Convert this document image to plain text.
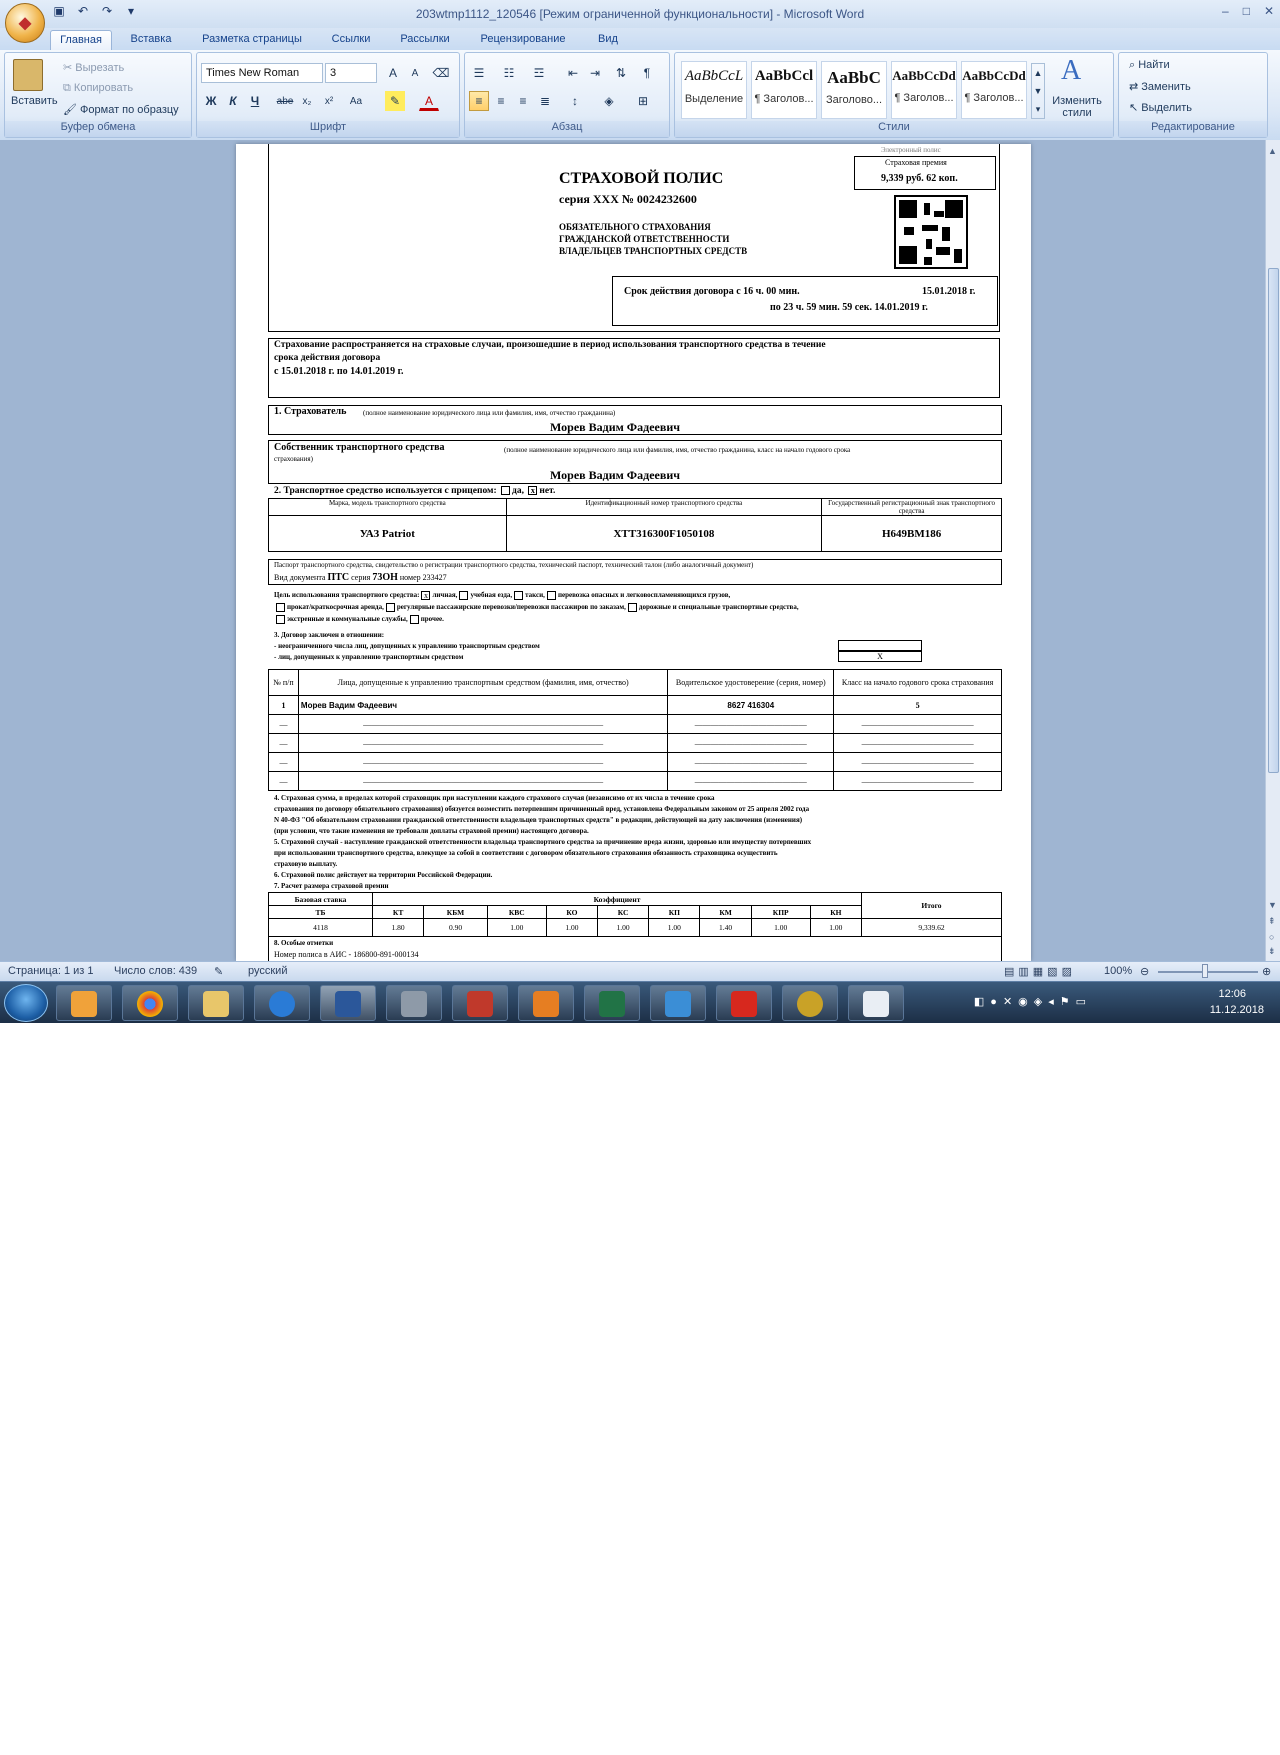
◆
▣	↶	↷	▾	203wtmp1112_120546 [Режим ограниченной функциональности] - Microsoft Word	– □ ✕
Главная	Вставка	Разметка страницы	Ссылки	Рассылки	Рецензирование	Вид
Вставить
✂ Вырезать
⧉ Копировать
🖌 Формат по образцу
Буфер обмена
Times New Roman	3	A	A	⌫
Ж	К	Ч	abe x₂	x²	Aa	✎	A
Шрифт
☰	☷	☲	⇤ ⇥	⇅	¶
≡	≡	≡	≣	↕	◈	⊞
Абзац
AaBbCcL
Выделение
AaBbCcl
¶ Заголов...
AaBbC
Заголово...
AaBbCcDd
¶ Заголов...
AaBbCcDd
¶ Заголов...
▲
▼
▾
A
Изменить стили
Стили
⌕ Найти
⇄ Заменить
↖ Выделить
Редактирование
Электронный полис
Страховая премия
9,339 руб. 62 коп.
СТРАХОВОЙ ПОЛИС
серия ХХХ № 0024232600
ОБЯЗАТЕЛЬНОГО СТРАХОВАНИЯ
ГРАЖДАНСКОЙ ОТВЕТСТВЕННОСТИ
ВЛАДЕЛЬЦЕВ ТРАНСПОРТНЫХ СРЕДСТВ
Срок действия договора с 16 ч. 00 мин.	15.01.2018 г.
по 23 ч. 59 мин. 59 сек. 14.01.2019 г.
Страхование распространяется на страховые случаи, произошедшие в период использования транспортного средства в течение
срока действия договора
с 15.01.2018 г. по 14.01.2019 г.
1. Страхователь (полное наименование юридического лица или фамилия, имя, отчество гражданина)
Морев Вадим Фадеевич
Собственник транспортного средства	(полное наименование юридического лица или фамилия, имя, отчество гражданина, класс на начало годового срока
страхования)
Морев Вадим Фадеевич
2. Транспортное средство используется с прицепом: да, x нет.
Марка, модель транспортного средства	Идентификационный номер транспортного средства	Государственный регистрационный знак транспортного средства
УАЗ Patriot	ХТТ316300F1050108	Н649ВМ186
Паспорт транспортного средства, свидетельство о регистрации транспортного средства, технический паспорт, технический талон (либо аналогичный документ)
Вид документа ПТС серия 73ОН номер 233427
Цель использования транспортного средства: x личная, учебная езда, такси, перевозка опасных и легковоспламеняющихся грузов,
прокат/краткосрочная аренда, регулярные пассажирские перевозки/перевозки пассажиров по заказам, дорожные и специальные транспортные средства,
экстренные и коммунальные службы, прочее.
3. Договор заключен в отношении:
- неограниченного числа лиц, допущенных к управлению транспортным средством
- лиц, допущенных к управлению транспортным средством	Х
№ п/п	Лица, допущенные к управлению транспортным средством (фамилия, имя, отчество)	Водительское удостоверение (серия, номер)	Класс на начало годового срока страхования
1	Морев Вадим Фадеевич	8627 416304	5
—	——————————————————————————————	——————————————	——————————————
—	——————————————————————————————	——————————————	——————————————
—	——————————————————————————————	——————————————	——————————————
—	——————————————————————————————	——————————————	——————————————
4. Страховая сумма, в пределах которой страховщик при наступлении каждого страхового случая (независимо от их числа в течение срока
страхования по договору обязательного страхования) обязуется возместить потерпевшим причиненный вред, установлена Федеральным законом от 25 апреля 2002 года
N 40-ФЗ "Об обязательном страховании гражданской ответственности владельцев транспортных средств" в редакции, действующей на дату заключения (изменения)
(при условии, что такие изменения не требовали доплаты страховой премии) настоящего договора.
5. Страховой случай - наступление гражданской ответственности владельца транспортного средства за причинение вреда жизни, здоровью или имуществу потерпевших
при использовании транспортного средства, влекущее за собой в соответствии с договором обязательного страхования обязанность страховщика осуществить
страховую выплату.
6. Страховой полис действует на территории Российской Федерации.
7. Расчет размера страховой премии
Базовая ставка	Коэффициент									Итого
ТБ	КТ	КБМ	КВС	КО	КС	КП	КМ	КПР	КН	
4118	1.80	0.90	1.00	1.00	1.00	1.00	1.40	1.00	1.00	9,339.62
8. Особые отметки
Номер полиса в АИС - 186800-891-000134
▲
▼
⇞
○
⇟
Страница: 1 из 1 Число слов: 439 ✎ русский	▤▥▦▧▨	100% ⊖	⊕
◧●✕◉◈◂⚑▭
12:06
11.12.2018
